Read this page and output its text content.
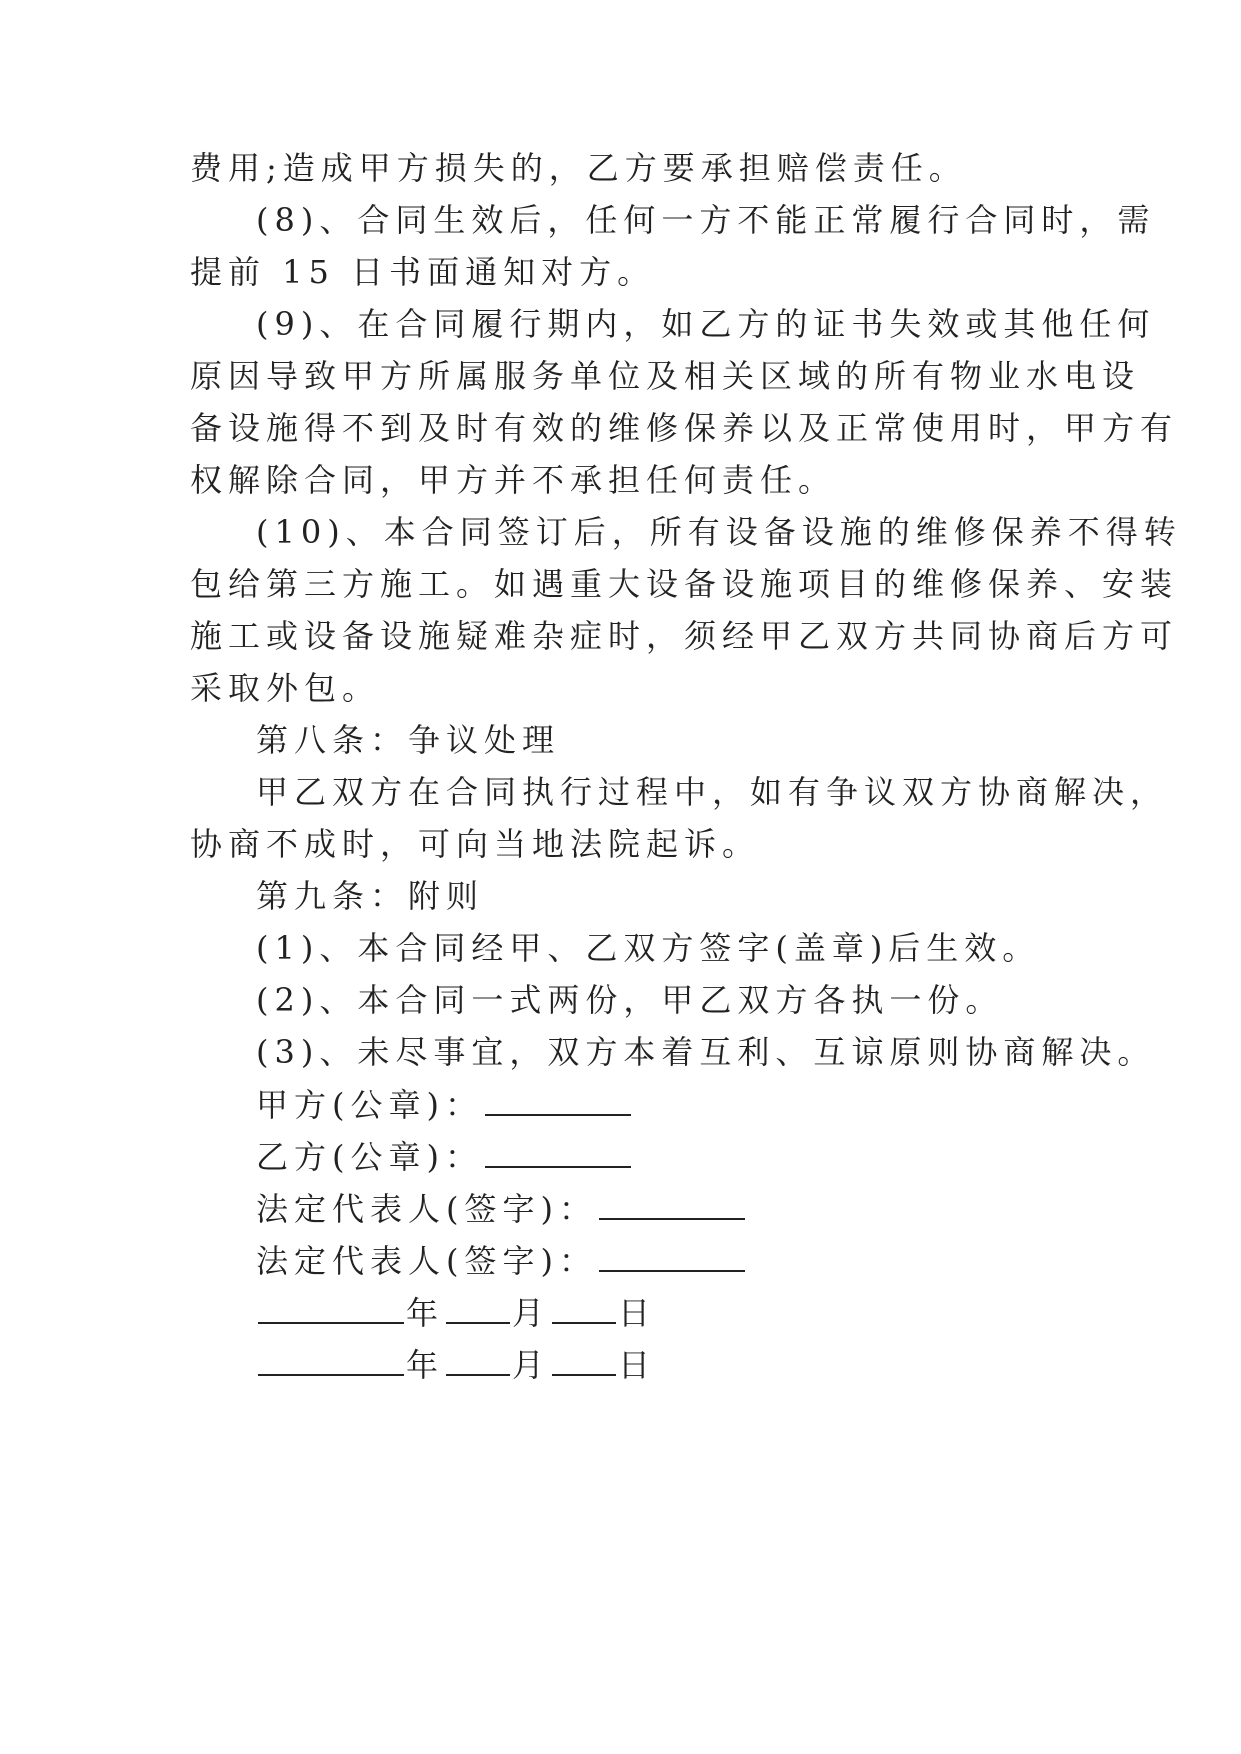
费用;造成甲方损失的，乙方要承担赔偿责任。
(8)、合同生效后，任何一方不能正常履行合同时，需
提前 15 日书面通知对方。
(9)、在合同履行期内，如乙方的证书失效或其他任何
原因导致甲方所属服务单位及相关区域的所有物业水电设
备设施得不到及时有效的维修保养以及正常使用时，甲方有
权解除合同，甲方并不承担任何责任。
(10)、本合同签订后，所有设备设施的维修保养不得转
包给第三方施工。如遇重大设备设施项目的维修保养、安装
施工或设备设施疑难杂症时，须经甲乙双方共同协商后方可
采取外包。
第八条：争议处理
甲乙双方在合同执行过程中，如有争议双方协商解决，
协商不成时，可向当地法院起诉。
第九条：附则
(1)、本合同经甲、乙双方签字(盖章)后生效。
(2)、本合同一式两份，甲乙双方各执一份。
(3)、未尽事宜，双方本着互利、互谅原则协商解决。
甲方(公章)：
乙方(公章)：
法定代表人(签字)：
法定代表人(签字)：
年 月 日
年 月 日
